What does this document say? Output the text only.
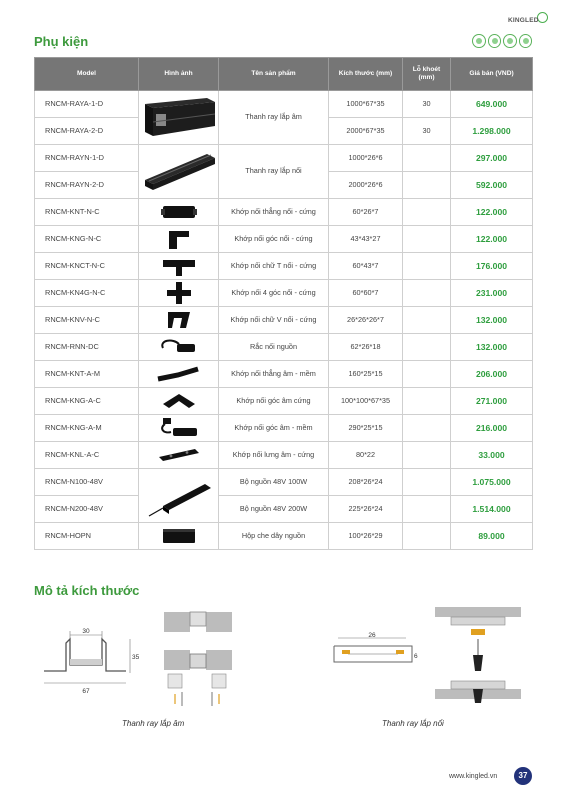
KINGLED
Phụ kiện
Model	Hình ảnh	Tên sản phẩm	Kích thước (mm)	Lỗ khoét (mm)	Giá bán (VND)
RNCM-RAYA-1-D		Thanh ray lắp âm	1000*67*35	30	649.000
RNCM-RAYA-2-D			2000*67*35	30	1.298.000
RNCM-RAYN-1-D		Thanh ray lắp nổi	1000*26*6		297.000
RNCM-RAYN-2-D			2000*26*6		592.000
RNCM-KNT-N-C		Khớp nối thẳng nổi - cứng	60*26*7		122.000
RNCM-KNG-N-C		Khớp nối góc nổi - cứng	43*43*27		122.000
RNCM-KNCT-N-C		Khớp nối chữ T nổi - cứng	60*43*7		176.000
RNCM-KN4G-N-C		Khớp nối 4 góc nổi - cứng	60*60*7		231.000
RNCM-KNV-N-C		Khớp nối chữ V nổi - cứng	26*26*26*7		132.000
RNCM-RNN-DC		Rắc nối nguồn	62*26*18		132.000
RNCM-KNT-A-M		Khớp nối thẳng âm - mềm	160*25*15		206.000
RNCM-KNG-A-C		Khớp nối góc âm cứng	100*100*67*35		271.000
RNCM-KNG-A-M		Khớp nối góc âm - mềm	290*25*15		216.000
RNCM-KNL-A-C		Khớp nối lưng âm - cứng	80*22		33.000
RNCM-N100-48V		Bộ nguồn 48V 100W	208*26*24		1.075.000
RNCM-N200-48V		Bộ nguồn 48V 200W	225*26*24		1.514.000
RNCM-HOPN		Hộp che dây nguồn	100*26*29		89.000
Mô tả kích thước
30
35
67
26
6
Thanh ray lắp âm	Thanh ray lắp nổi
www.kingled.vn	37
